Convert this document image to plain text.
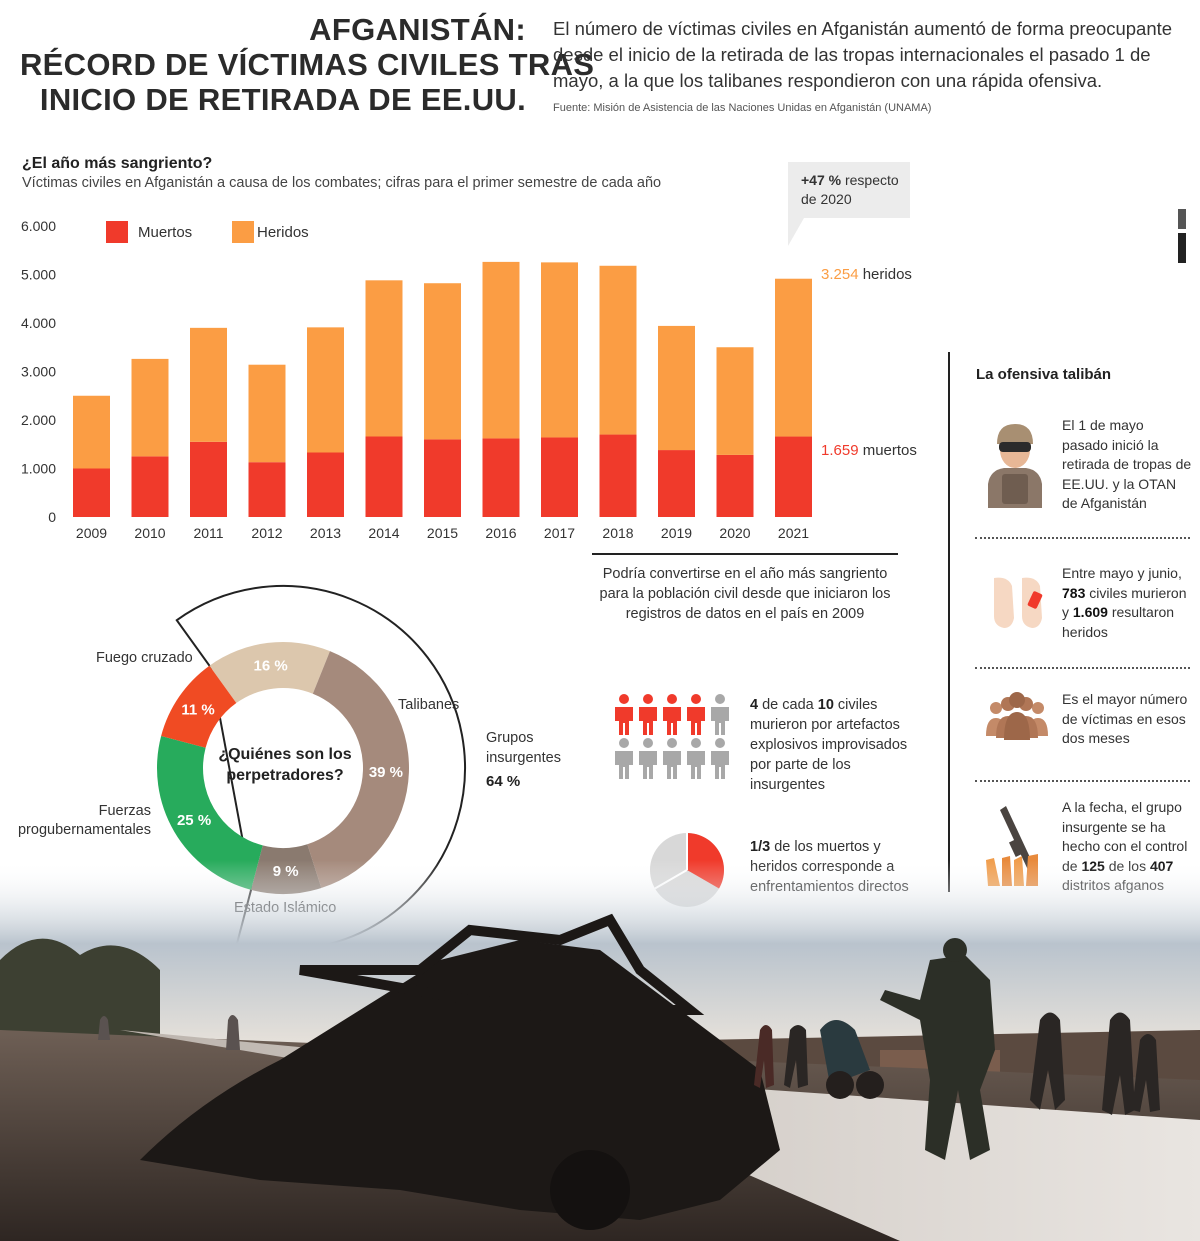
AFGANISTÁN:
RÉCORD DE VÍCTIMAS CIVILES TRAS
INICIO DE RETIRADA DE EE.UU.
El número de víctimas civiles en Afganistán aumentó de forma preocupante desde el inicio de la retirada de las tropas internacionales el pasado 1 de mayo, a la que los talibanes respondieron con una rápida ofensiva.
Fuente: Misión de Asistencia de las Naciones Unidas en Afganistán (UNAMA)
¿El año más sangriento?
Víctimas civiles en Afganistán a causa de los combates; cifras para el primer semestre de cada año	+47 % respecto de 2020
0
1.000
2.000
3.000
4.000
5.000
6.000	Muertos	Heridos
2009 2010 2011 2012 2013 2014 2015 2016 2017 2018 2019 2020 2021
3.254 heridos
1.659 muertos
Podría convertirse en el año más sangriento para la población civil desde que iniciaron los registros de datos en el país en 2009
16 %
39 %
25 %
11 %
¿Quiénes son los
perpetradores?
Fuego cruzado
Talibanes
Fuerzas
progubernamentales
Grupos
insurgentes
64 %
4 de cada 10 civiles
murieron por artefactos
explosivos improvisados
por parte de los
insurgentes
1/3 de los muertos y
La ofensiva talibán
El 1 de mayo pasado inició la retirada de tropas de EE.UU. y la OTAN de Afganistán
Entre mayo y junio, 783 civiles murieron y 1.609 resultaron heridos
Es el mayor número de víctimas en esos dos meses
A la fecha, el grupo insurgente se ha hecho con el control
